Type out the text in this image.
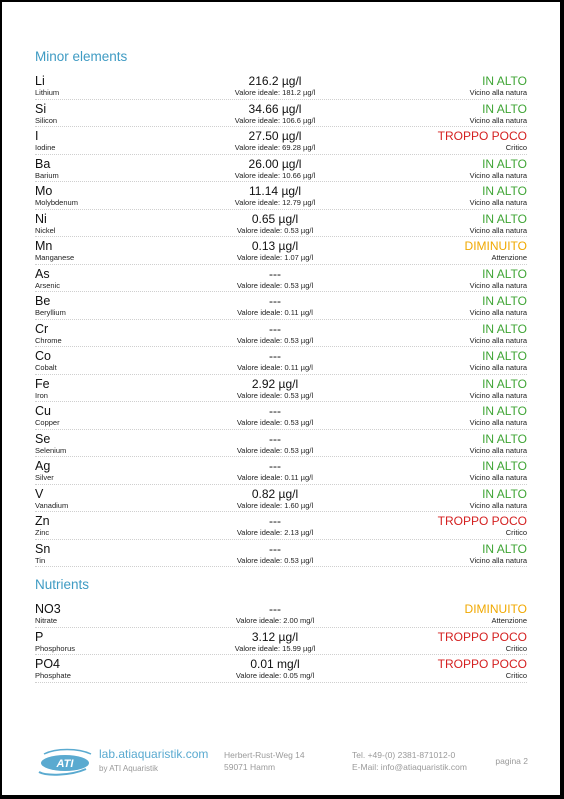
Minor elements
Li
Lithium
216.2 µg/l
Valore ideale: 181.2 µg/l
IN ALTO
Vicino alla natura
Si
Silicon
34.66 µg/l
Valore ideale: 106.6 µg/l
IN ALTO
Vicino alla natura
I
Iodine
27.50 µg/l
Valore ideale: 69.28 µg/l
TROPPO POCO
Critico
Ba
Barium
26.00 µg/l
Valore ideale: 10.66 µg/l
IN ALTO
Vicino alla natura
Mo
Molybdenum
11.14 µg/l
Valore ideale: 12.79 µg/l
IN ALTO
Vicino alla natura
Ni
Nickel
0.65 µg/l
Valore ideale: 0.53 µg/l
IN ALTO
Vicino alla natura
Mn
Manganese
0.13 µg/l
Valore ideale: 1.07 µg/l
DIMINUITO
Attenzione
As
Arsenic
---
Valore ideale: 0.53 µg/l
IN ALTO
Vicino alla natura
Be
Beryllium
---
Valore ideale: 0.11 µg/l
IN ALTO
Vicino alla natura
Cr
Chrome
---
Valore ideale: 0.53 µg/l
IN ALTO
Vicino alla natura
Co
Cobalt
---
Valore ideale: 0.11 µg/l
IN ALTO
Vicino alla natura
Fe
Iron
2.92 µg/l
Valore ideale: 0.53 µg/l
IN ALTO
Vicino alla natura
Cu
Copper
---
Valore ideale: 0.53 µg/l
IN ALTO
Vicino alla natura
Se
Selenium
---
Valore ideale: 0.53 µg/l
IN ALTO
Vicino alla natura
Ag
Silver
---
Valore ideale: 0.11 µg/l
IN ALTO
Vicino alla natura
V
Vanadium
0.82 µg/l
Valore ideale: 1.60 µg/l
IN ALTO
Vicino alla natura
Zn
Zinc
---
Valore ideale: 2.13 µg/l
TROPPO POCO
Critico
Sn
Tin
---
Valore ideale: 0.53 µg/l
IN ALTO
Vicino alla natura
Nutrients
NO3
Nitrate
---
Valore ideale: 2.00 mg/l
DIMINUITO
Attenzione
P
Phosphorus
3.12 µg/l
Valore ideale: 15.99 µg/l
TROPPO POCO
Critico
PO4
Phosphate
0.01 mg/l
Valore ideale: 0.05 mg/l
TROPPO POCO
Critico
ATI
lab.atiaquaristik.com
by ATI Aquaristik
Herbert-Rust-Weg 14
59071 Hamm
Tel. +49-(0) 2381-871012-0
E-Mail: info@atiaquaristik.com
pagina 2
